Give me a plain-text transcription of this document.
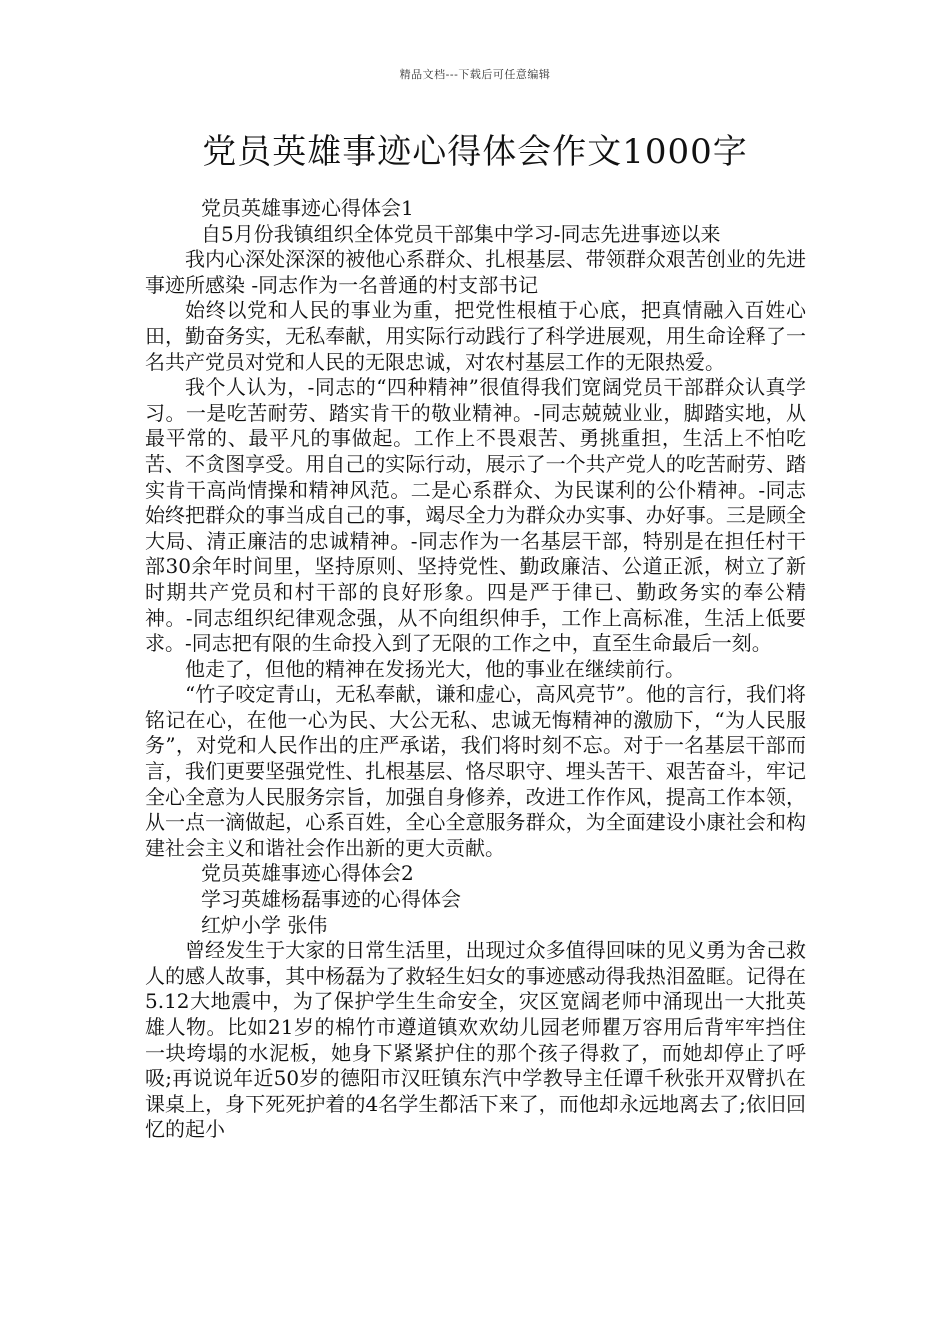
精品文档---下载后可任意编辑
党员英雄事迹心得体会作文1000字

党员英雄事迹心得体会1

自5月份我镇组织全体党员干部集中学习-同志先进事迹以来

我内心深处深深的被他心系群众、扎根基层、带领群众艰苦创业的先进事迹所感染 -同志作为一名普通的村支部书记

始终以党和人民的事业为重，把党性根植于心底，把真情融入百姓心田，勤奋务实，无私奉献，用实际行动践行了科学进展观，用生命诠释了一名共产党员对党和人民的无限忠诚，对农村基层工作的无限热爱。

我个人认为，-同志的“四种精神”很值得我们宽阔党员干部群众认真学习。一是吃苦耐劳、踏实肯干的敬业精神。-同志兢兢业业，脚踏实地，从最平常的、最平凡的事做起。工作上不畏艰苦、勇挑重担，生活上不怕吃苦、不贪图享受。用自己的实际行动，展示了一个共产党人的吃苦耐劳、踏实肯干高尚情操和精神风范。二是心系群众、为民谋利的公仆精神。-同志始终把群众的事当成自己的事，竭尽全力为群众办实事、办好事。三是顾全大局、清正廉洁的忠诚精神。-同志作为一名基层干部，特别是在担任村干部30余年时间里，坚持原则、坚持党性、勤政廉洁、公道正派，树立了新时期共产党员和村干部的良好形象。四是严于律已、勤政务实的奉公精神。-同志组织纪律观念强，从不向组织伸手，工作上高标准，生活上低要求。-同志把有限的生命投入到了无限的工作之中，直至生命最后一刻。

他走了，但他的精神在发扬光大，他的事业在继续前行。

“竹子咬定青山，无私奉献，谦和虚心，高风亮节”。他的言行，我们将铭记在心，在他一心为民、大公无私、忠诚无悔精神的激励下，“为人民服务”，对党和人民作出的庄严承诺，我们将时刻不忘。对于一名基层干部而言，我们更要坚强党性、扎根基层、恪尽职守、埋头苦干、艰苦奋斗，牢记全心全意为人民服务宗旨，加强自身修养，改进工作作风，提高工作本领，从一点一滴做起，心系百姓，全心全意服务群众，为全面建设小康社会和构建社会主义和谐社会作出新的更大贡献。

党员英雄事迹心得体会2

学习英雄杨磊事迹的心得体会

红炉小学 张伟

曾经发生于大家的日常生活里，出现过众多值得回味的见义勇为舍己救人的感人故事，其中杨磊为了救轻生妇女的事迹感动得我热泪盈眶。记得在5.12大地震中，为了保护学生生命安全，灾区宽阔老师中涌现出一大批英雄人物。比如21岁的棉竹市遵道镇欢欢幼儿园老师瞿万容用后背牢牢挡住一块垮塌的水泥板，她身下紧紧护住的那个孩子得救了，而她却停止了呼吸;再说说年近50岁的德阳市汉旺镇东汽中学教导主任谭千秋张开双臂扒在课桌上，身下死死护着的4名学生都活下来了，而他却永远地离去了;依旧回忆的起小
